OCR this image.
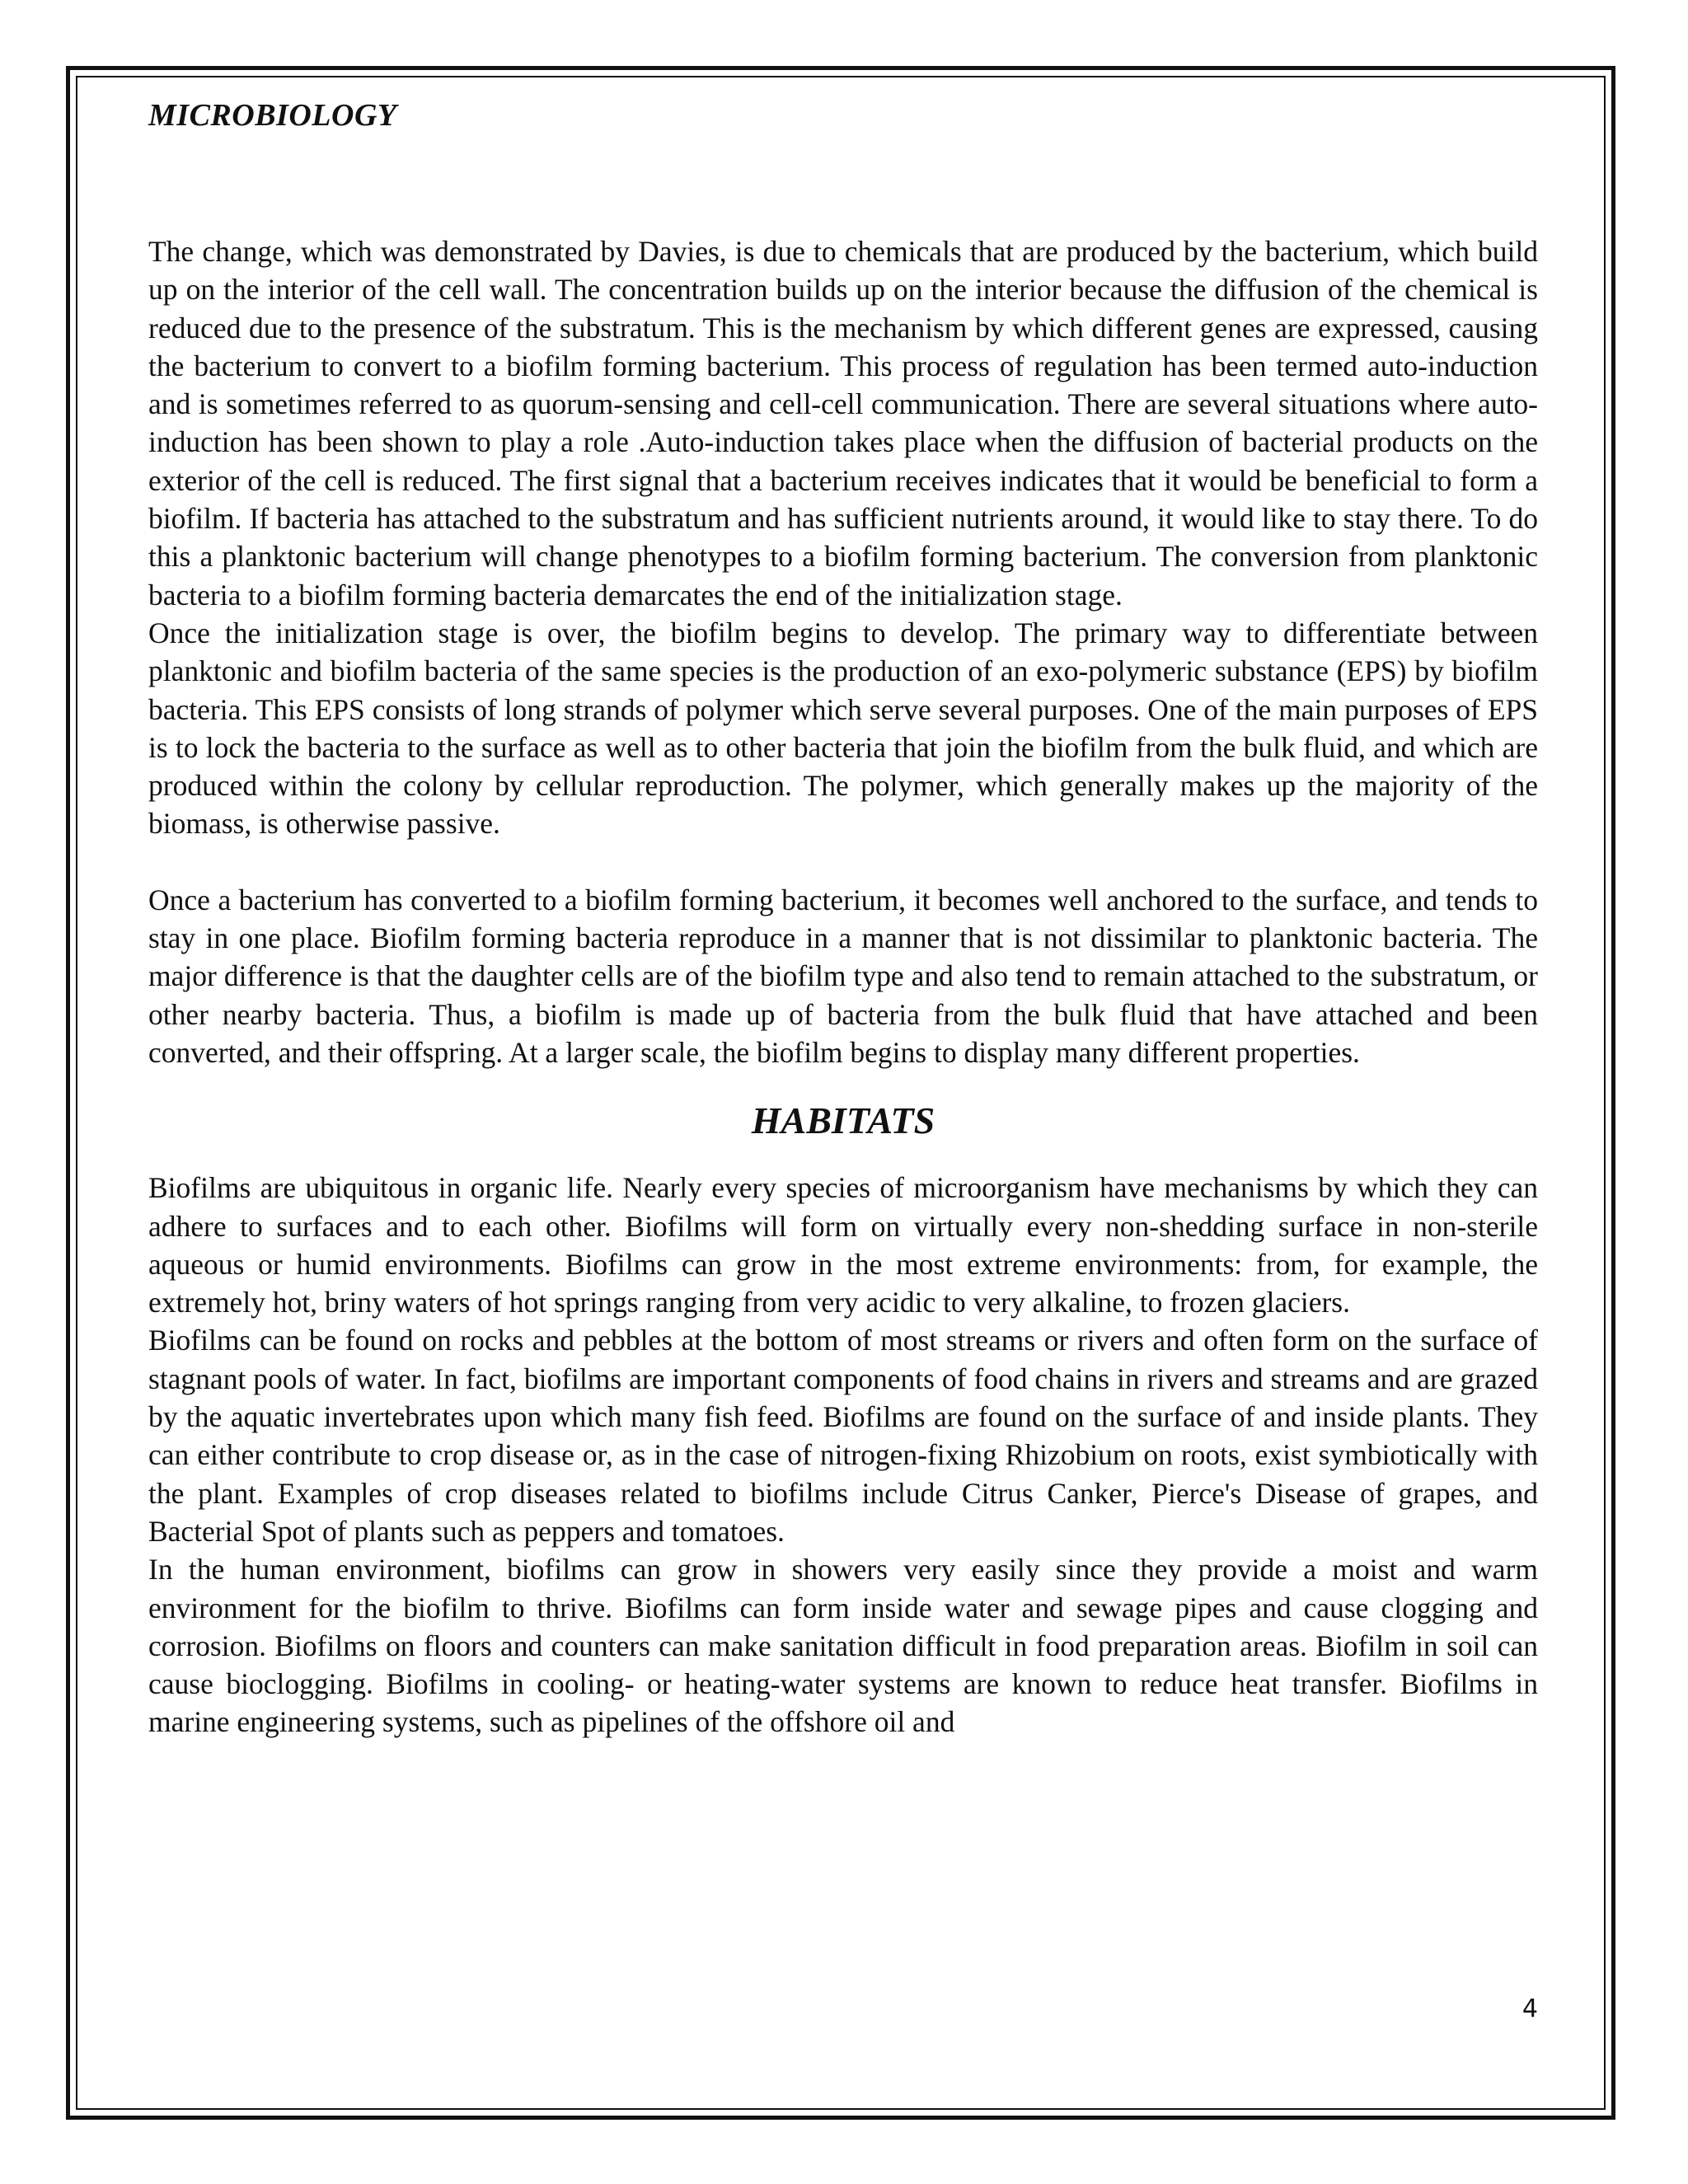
MICROBIOLOGY

The change, which was demonstrated by Davies, is due to chemicals that are produced by the bacterium, which build up on the interior of the cell wall. The concentration builds up on the interior because the diffusion of the chemical is reduced due to the presence of the substratum. This is the mechanism by which different genes are expressed, causing the bacterium to convert to a biofilm forming bacterium. This process of regulation has been termed auto-induction and is sometimes referred to as quorum-sensing and cell-cell communication. There are several situations where auto-induction has been shown to play a role .Auto-induction takes place when the diffusion of bacterial products on the exterior of the cell is reduced. The first signal that a bacterium receives indicates that it would be beneficial to form a biofilm. If bacteria has attached to the substratum and has sufficient nutrients around, it would like to stay there. To do this a planktonic bacterium will change phenotypes to a biofilm forming bacterium. The conversion from planktonic bacteria to a biofilm forming bacteria demarcates the end of the initialization stage.

Once the initialization stage is over, the biofilm begins to develop. The primary way to differentiate between planktonic and biofilm bacteria of the same species is the production of an exo-polymeric substance (EPS) by biofilm bacteria. This EPS consists of long strands of polymer which serve several purposes. One of the main purposes of EPS is to lock the bacteria to the surface as well as to other bacteria that join the biofilm from the bulk fluid, and which are produced within the colony by cellular reproduction. The polymer, which generally makes up the majority of the biomass, is otherwise passive.

Once a bacterium has converted to a biofilm forming bacterium, it becomes well anchored to the surface, and tends to stay in one place. Biofilm forming bacteria reproduce in a manner that is not dissimilar to planktonic bacteria. The major difference is that the daughter cells are of the biofilm type and also tend to remain attached to the substratum, or other nearby bacteria. Thus, a biofilm is made up of bacteria from the bulk fluid that have attached and been converted, and their offspring. At a larger scale, the biofilm begins to display many different properties.

HABITATS

Biofilms are ubiquitous in organic life. Nearly every species of microorganism have mechanisms by which they can adhere to surfaces and to each other. Biofilms will form on virtually every non-shedding surface in non-sterile aqueous or humid environments. Biofilms can grow in the most extreme environments: from, for example, the extremely hot, briny waters of hot springs ranging from very acidic to very alkaline, to frozen glaciers.

Biofilms can be found on rocks and pebbles at the bottom of most streams or rivers and often form on the surface of stagnant pools of water. In fact, biofilms are important components of food chains in rivers and streams and are grazed by the aquatic invertebrates upon which many fish feed. Biofilms are found on the surface of and inside plants. They can either contribute to crop disease or, as in the case of nitrogen-fixing Rhizobium on roots, exist symbiotically with the plant. Examples of crop diseases related to biofilms include Citrus Canker, Pierce's Disease of grapes, and Bacterial Spot of plants such as peppers and tomatoes.

In the human environment, biofilms can grow in showers very easily since they provide a moist and warm environment for the biofilm to thrive. Biofilms can form inside water and sewage pipes and cause clogging and corrosion. Biofilms on floors and counters can make sanitation difficult in food preparation areas. Biofilm in soil can cause bioclogging. Biofilms in cooling- or heating-water systems are known to reduce heat transfer. Biofilms in marine engineering systems, such as pipelines of the offshore oil and

4
